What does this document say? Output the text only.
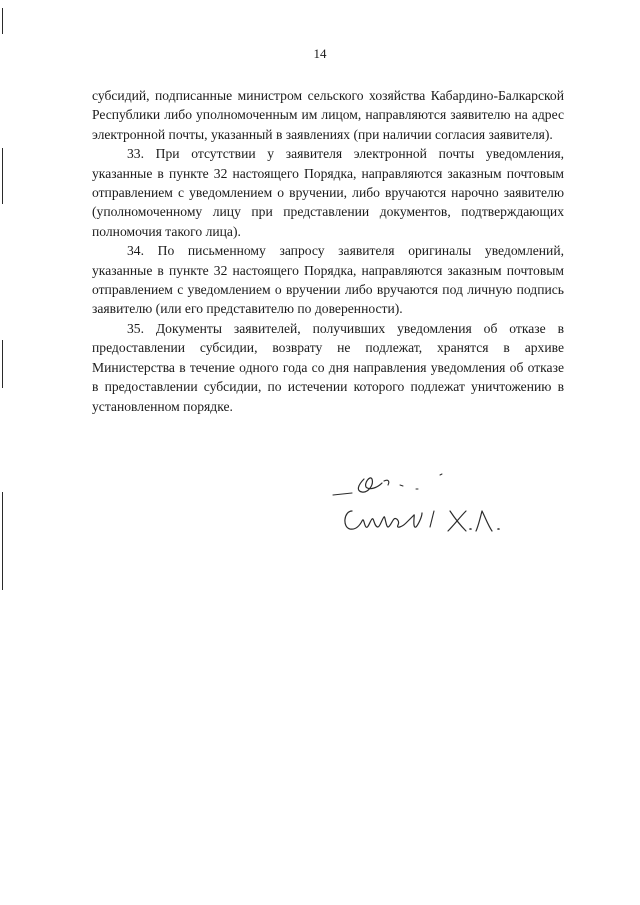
14

субсидий, подписанные министром сельского хозяйства Кабардино-Балкарской Республики либо уполномоченным им лицом, направляются заявителю на адрес электронной почты, указанный в заявлениях (при наличии согласия заявителя).

33. При отсутствии у заявителя электронной почты уведомления, указанные в пункте 32 настоящего Порядка, направляются заказным почтовым отправлением с уведомлением о вручении, либо вручаются нарочно заявителю (уполномоченному лицу при представлении документов, подтверждающих полномочия такого лица).

34. По письменному запросу заявителя оригиналы уведомлений, указанные в пункте 32 настоящего Порядка, направляются заказным почтовым отправлением с уведомлением о вручении либо вручаются под личную подпись заявителю (или его представителю по доверенности).

35. Документы заявителей, получивших уведомления об отказе в предоставлении субсидии, возврату не подлежат, хранятся в архиве Министерства в течение одного года со дня направления уведомления об отказе в предоставлении субсидии, по истечении которого подлежат уничтожению в установленном порядке.
